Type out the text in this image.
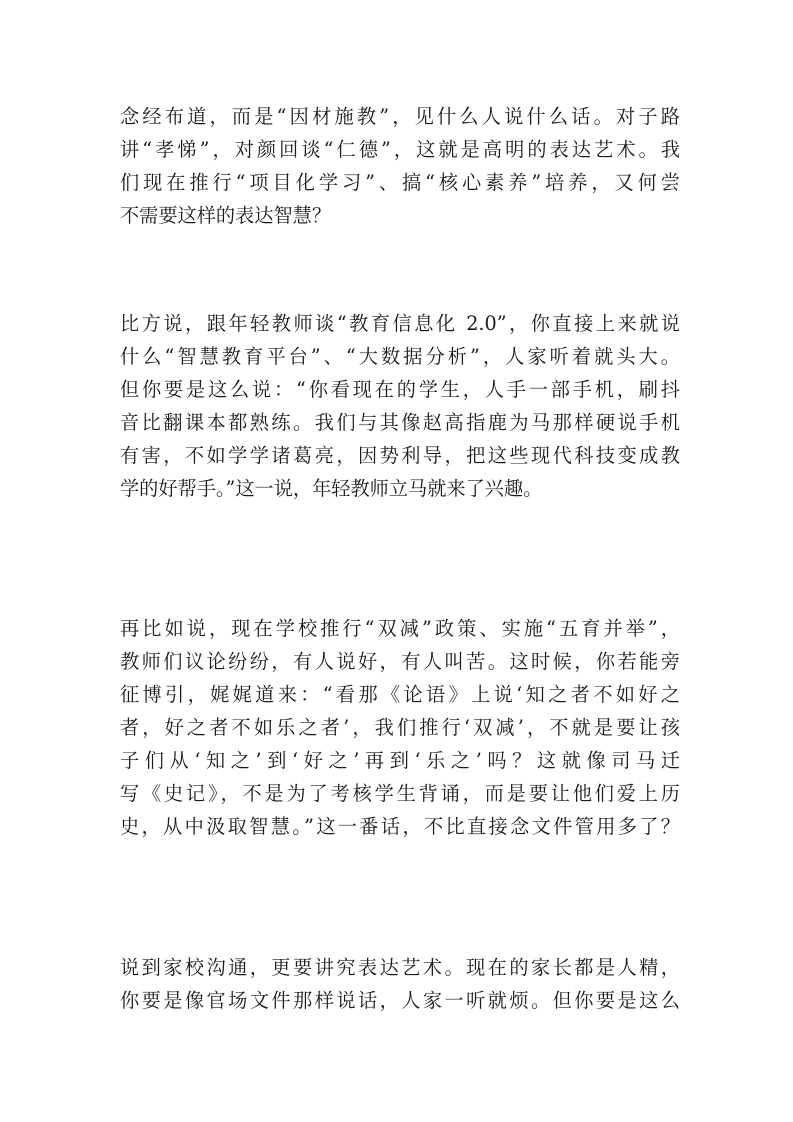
念经布道，而是“因材施教”，见什么人说什么话。对子路
讲“孝悌”，对颜回谈“仁德”，这就是高明的表达艺术。我
们现在推行“项目化学习”、搞“核心素养”培养，又何尝
不需要这样的表达智慧？
比方说，跟年轻教师谈“教育信息化 2.0”，你直接上来就说
什么“智慧教育平台”、“大数据分析”，人家听着就头大。
但你要是这么说：“你看现在的学生，人手一部手机，刷抖
音比翻课本都熟练。我们与其像赵高指鹿为马那样硬说手机
有害，不如学学诸葛亮，因势利导，把这些现代科技变成教
学的好帮手。”这一说，年轻教师立马就来了兴趣。
再比如说，现在学校推行“双减”政策、实施“五育并举”，
教师们议论纷纷，有人说好，有人叫苦。这时候，你若能旁
征博引，娓娓道来：“看那《论语》上说‘知之者不如好之
者，好之者不如乐之者’，我们推行‘双减’，不就是要让孩
子们从‘知之’到‘好之’再到‘乐之’吗？这就像司马迁
写《史记》，不是为了考核学生背诵，而是要让他们爱上历
史，从中汲取智慧。”这一番话，不比直接念文件管用多了？
说到家校沟通，更要讲究表达艺术。现在的家长都是人精，
你要是像官场文件那样说话，人家一听就烦。但你要是这么
